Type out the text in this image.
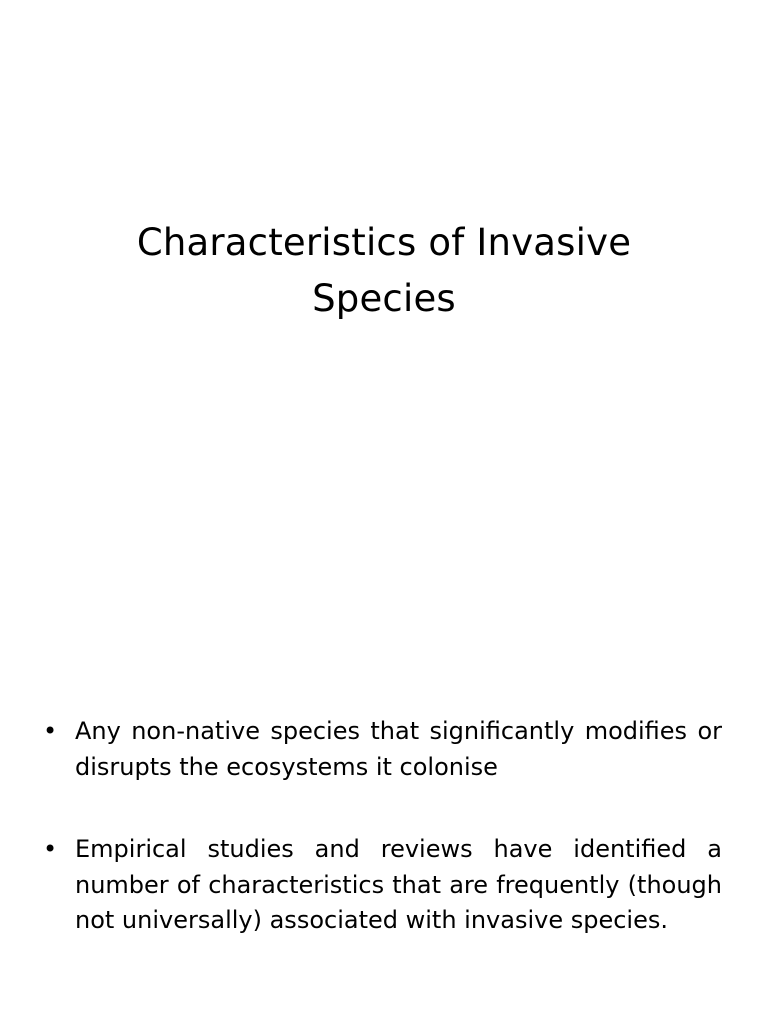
Characteristics of Invasive Species
• Any non-native species that significantly modifies or disrupts the ecosystems it colonise
• Empirical studies and reviews have identified a number of characteristics that are frequently (though not universally) associated with invasive species.
